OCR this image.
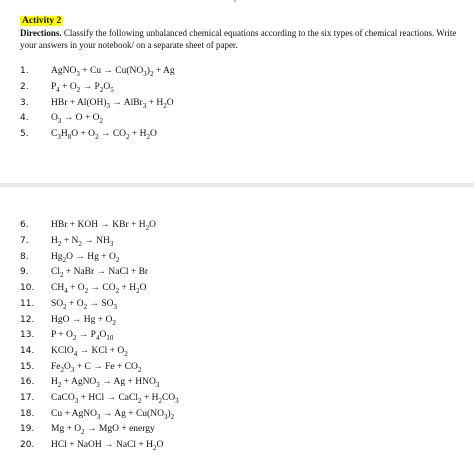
Activity 2
Directions. Classify the following unbalanced chemical equations according to the six types of chemical reactions. Write your answers in your notebook/ on a separate sheet of paper.
1.	AgNO$_3$ + $Cu \to Cu(NO_3)_2 + Ag$
2.	$P_4 + O_2 \to P_2O_5$
3.	HBr + $Al(OH)_3$ → AlBr$_3$ + $H_2O$
4.	$O_3 \to O + O_2$
5.	$C_3H_8O + O_2 \to CO_2 + H_2O$
6.	HBr + KOH → KBr + $H_2O$
7.	$H_2 + N_2 \to NH_3$
8.	$Hg_2O \to Hg + O_2$
9.	$Cl_2$ + NaBr → NaCl + Br
10.	$CH_4 + O_2 \to CO_2 + H_2O$
11.	$SO_2 + O_2 \to SO_3$
12.	HgO → $Hg + O_2$
13.	$P + O_2 \to P_4O_{10}$
14.	KClO$_4$ → KCl + $O_2$
15.	$Fe_2O_3 + C \to Fe + CO_2$
16.	$H_2$ + AgNO$_3$ → $Ag + HNO_3$
17.	CaCO$_3$ + HCl → CaCl$_2$ + $H_2CO_3$
18.	Cu + AgNO$_3$ → $Ag + Cu(NO_3)_2$
19.	$Mg + O_2$ → MgO + energy
20.	HCl + NaOH → NaCl + $H_2O$
